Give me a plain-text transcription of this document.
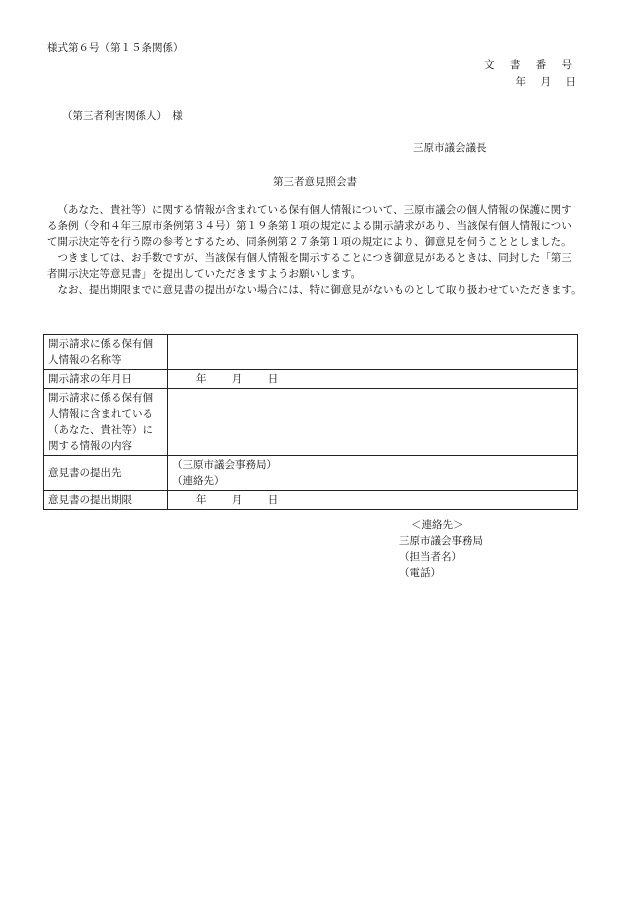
様式第６号（第１５条関係）
文 書 番 号
年　月　日
（第三者利害関係人）　様
三原市議会議長
第三者意見照会書

（あなた、貴社等）に関する情報が含まれている保有個人情報について、三原市議会の個人情報の保護に関する条例（令和４年三原市条例第３４号）第１９条第１項の規定による開示請求があり、当該保有個人情報について開示決定等を行う際の参考とするため、同条例第２７条第１項の規定により、御意見を伺うこととしました。

つきましては、お手数ですが、当該保有個人情報を開示することにつき御意見があるときは、同封した「第三者開示決定等意見書」を提出していただきますようお願いします。

なお、提出期限までに意見書の提出がない場合には、特に御意見がないものとして取り扱わせていただきます。

開示請求に係る保有個人情報の名称等	
開示請求の年月日	年 月 日
開示請求に係る保有個人情報に含まれている（あなた、貴社等）に関する情報の内容	
意見書の提出先	（三原市議会事務局）
（連絡先）

意見書の提出期限	年 月 日
＜連絡先＞
三原市議会事務局
（担当者名）
（電話）
